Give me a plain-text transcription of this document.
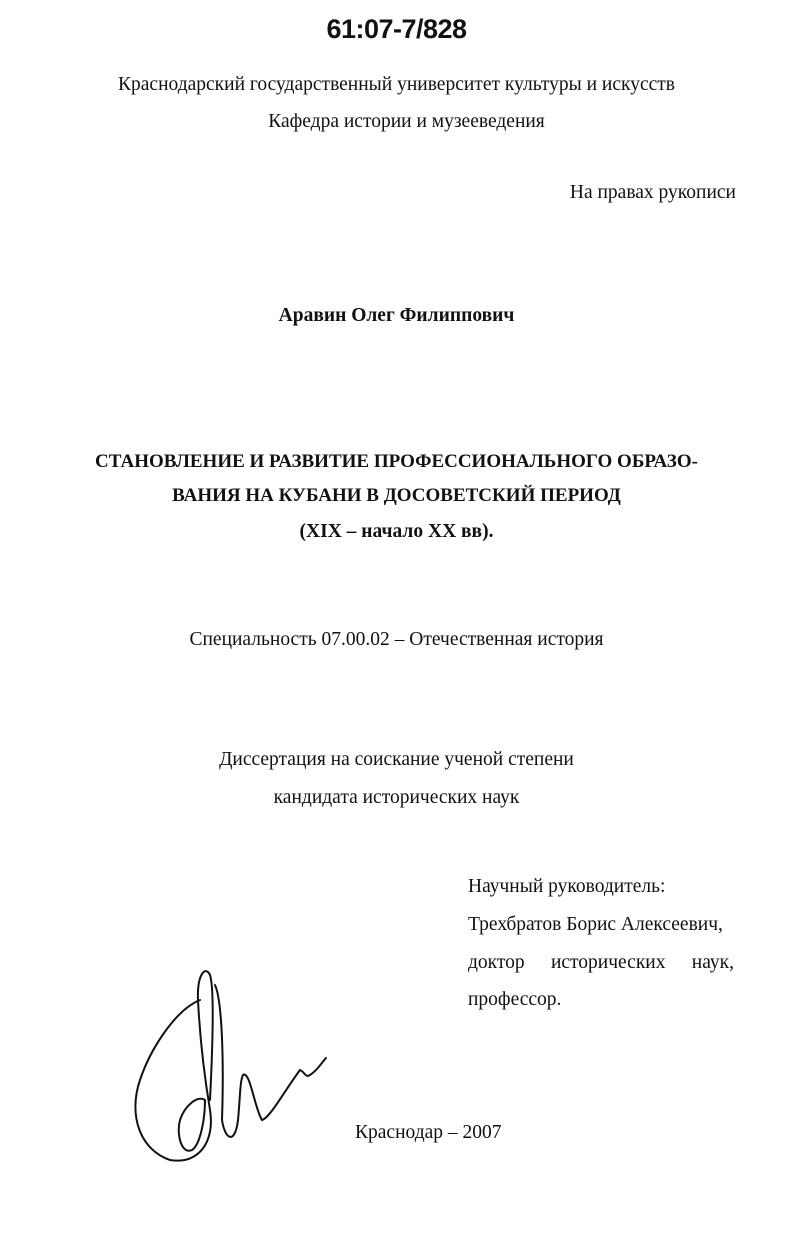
61:07-7/828
Краснодарский государственный университет культуры и искусств
Кафедра истории и музееведения
На правах рукописи
Аравин Олег Филиппович
СТАНОВЛЕНИЕ И РАЗВИТИЕ ПРОФЕССИОНАЛЬНОГО ОБРАЗО-
ВАНИЯ НА КУБАНИ В ДОСОВЕТСКИЙ ПЕРИОД
(XIX – начало XX вв).
Специальность 07.00.02 – Отечественная история
Диссертация на соискание ученой степени
кандидата исторических наук
Научный руководитель:
Трехбратов Борис Алексеевич,
доктор исторических наук,
профессор.
Краснодар – 2007
